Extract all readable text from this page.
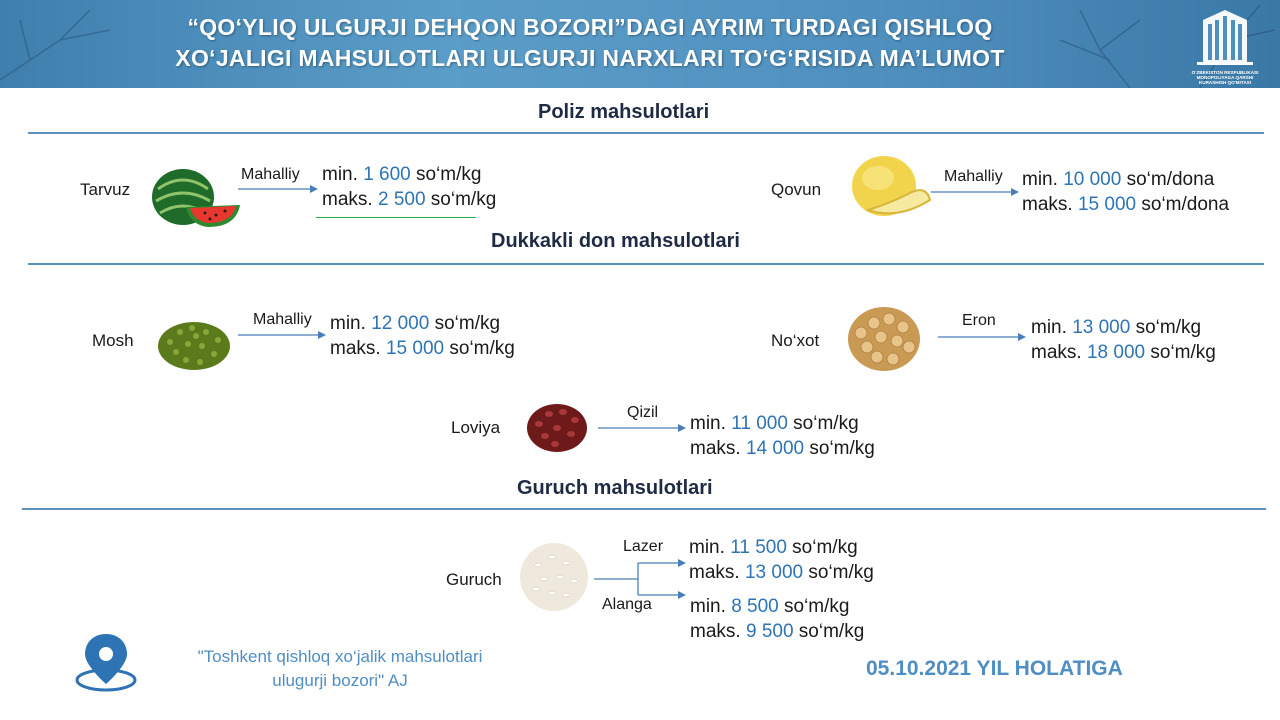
“QO‘YLIQ ULGURJI DEHQON BOZORI”DAGI AYRIM TURDAGI QISHLOQ
XO‘JALIGI MAHSULOTLARI ULGURJI NARXLARI TO‘G‘RISIDA MA’LUMOT
O‘ZBEKISTON RESPUBLIKASI MONOPOLIYAGA QARSHI KURASHISH QO'MITASI
Poliz mahsulotlari
Tarvuz
Mahalliy min. 1 600 so‘m/kg
maks. 2 500 so‘m/kg	Qovun
Mahalliy min. 10 000 so‘m/dona
maks. 15 000 so‘m/dona
Dukkakli don mahsulotlari
Mosh
Mahalliy min. 12 000 so‘m/kg
maks. 15 000 so‘m/kg	No‘xot
Eron min. 13 000 so‘m/kg
maks. 18 000 so‘m/kg
Loviya
Qizil
min. 11 000 so‘m/kg
maks. 14 000 so‘m/kg
Guruch mahsulotlari
Guruch
Lazer
Alanga
min. 11 500 so‘m/kg
maks. 13 000 so‘m/kg
min. 8 500 so‘m/kg
maks. 9 500 so‘m/kg
"Toshkent qishloq xo‘jalik mahsulotlari
ulugurji bozori" AJ
05.10.2021 YIL HOLATIGA
